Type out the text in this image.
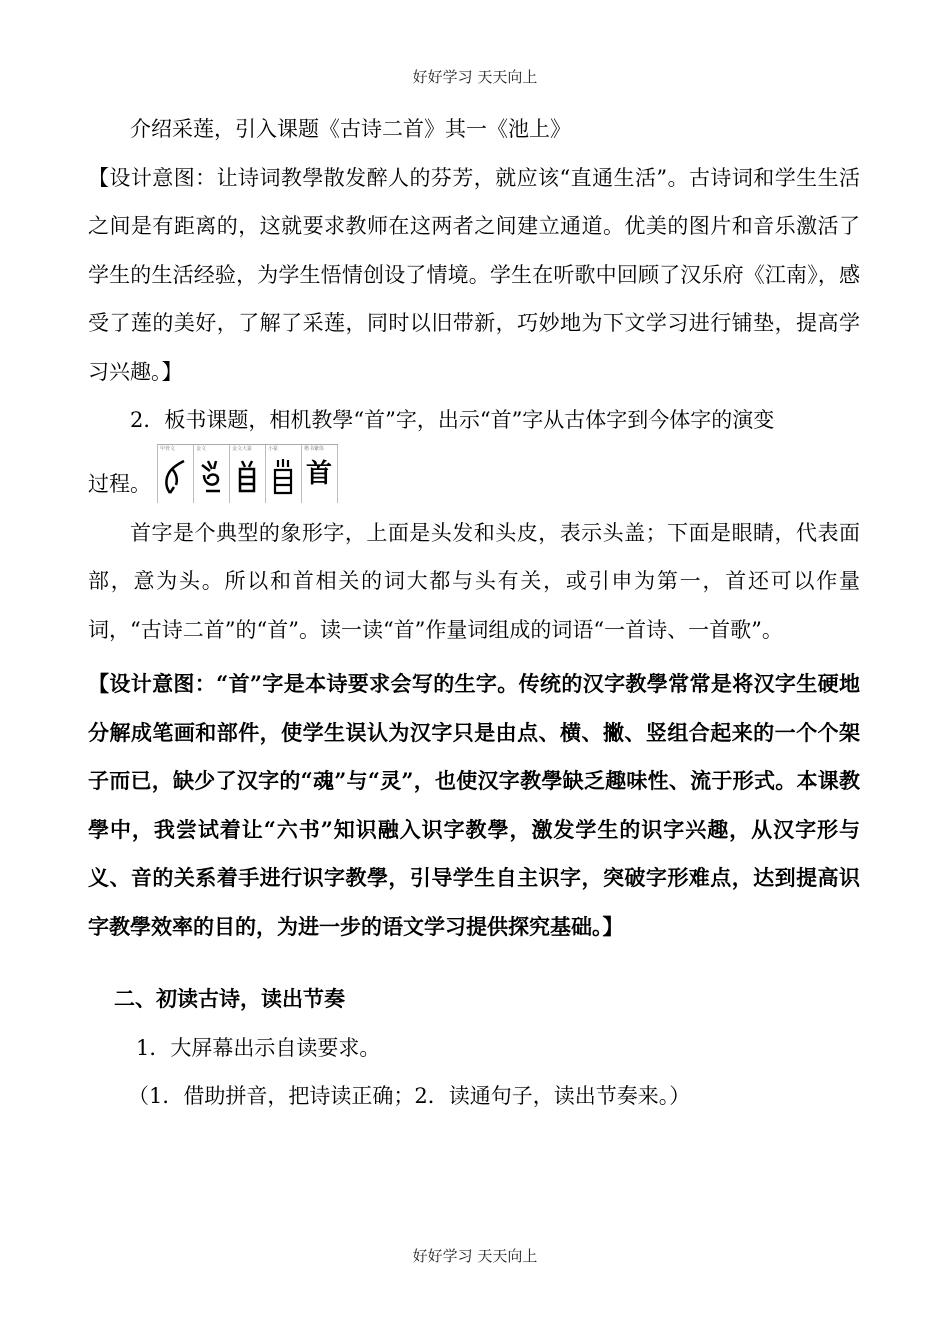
好好学习 天天向上

介绍采莲，引入课题《古诗二首》其一《池上》

【设计意图：让诗词教學散发醉人的芬芳，就应该“直通生活”。古诗词和学生生活之间是有距离的，这就要求教师在这两者之间建立通道。优美的图片和音乐激活了学生的生活经验，为学生悟情创设了情境。学生在听歌中回顾了汉乐府《江南》，感受了莲的美好，了解了采莲，同时以旧带新，巧妙地为下文学习进行铺垫，提高学习兴趣。】

2．板书课题，相机教學“首”字，出示“首”字从古体字到今体字的演变

过程。
甲骨文	金文	金文大篆	小篆	楷书繁体
首

首字是个典型的象形字，上面是头发和头皮，表示头盖；下面是眼睛，代表面部，意为头。所以和首相关的词大都与头有关，或引申为第一，首还可以作量词，“古诗二首”的“首”。读一读“首”作量词组成的词语“一首诗、一首歌”。

【设计意图：“首”字是本诗要求会写的生字。传统的汉字教學常常是将汉字生硬地分解成笔画和部件，使学生误认为汉字只是由点、横、撇、竖组合起来的一个个架子而已，缺少了汉字的“魂”与“灵”，也使汉字教學缺乏趣味性、流于形式。本课教學中，我尝试着让“六书”知识融入识字教學，激发学生的识字兴趣，从汉字形与义、音的关系着手进行识字教學，引导学生自主识字，突破字形难点，达到提高识字教學效率的目的，为进一步的语文学习提供探究基础。】

二、初读古诗，读出节奏

1．大屏幕出示自读要求。

（1．借助拼音，把诗读正确；2．读通句子，读出节奏来。）

好好学习 天天向上
